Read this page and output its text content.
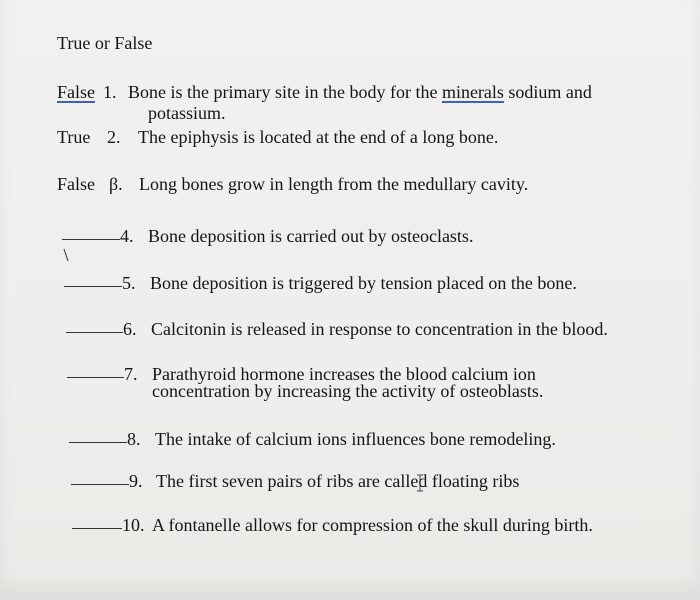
True or False
False 1. Bone is the primary site in the body for the minerals sodium and
potassium.
True 2. The epiphysis is located at the end of a long bone.
False β. Long bones grow in length from the medullary cavity.
4. Bone deposition is carried out by osteoclasts.
5. Bone deposition is triggered by tension placed on the bone.
6. Calcitonin is released in response to concentration in the blood.
7. Parathyroid hormone increases the blood calcium ion
concentration by increasing the activity of osteoblasts.
8. The intake of calcium ions influences bone remodeling.
9. The first seven pairs of ribs are called floating ribs
10. A fontanelle allows for compression of the skull during birth.
